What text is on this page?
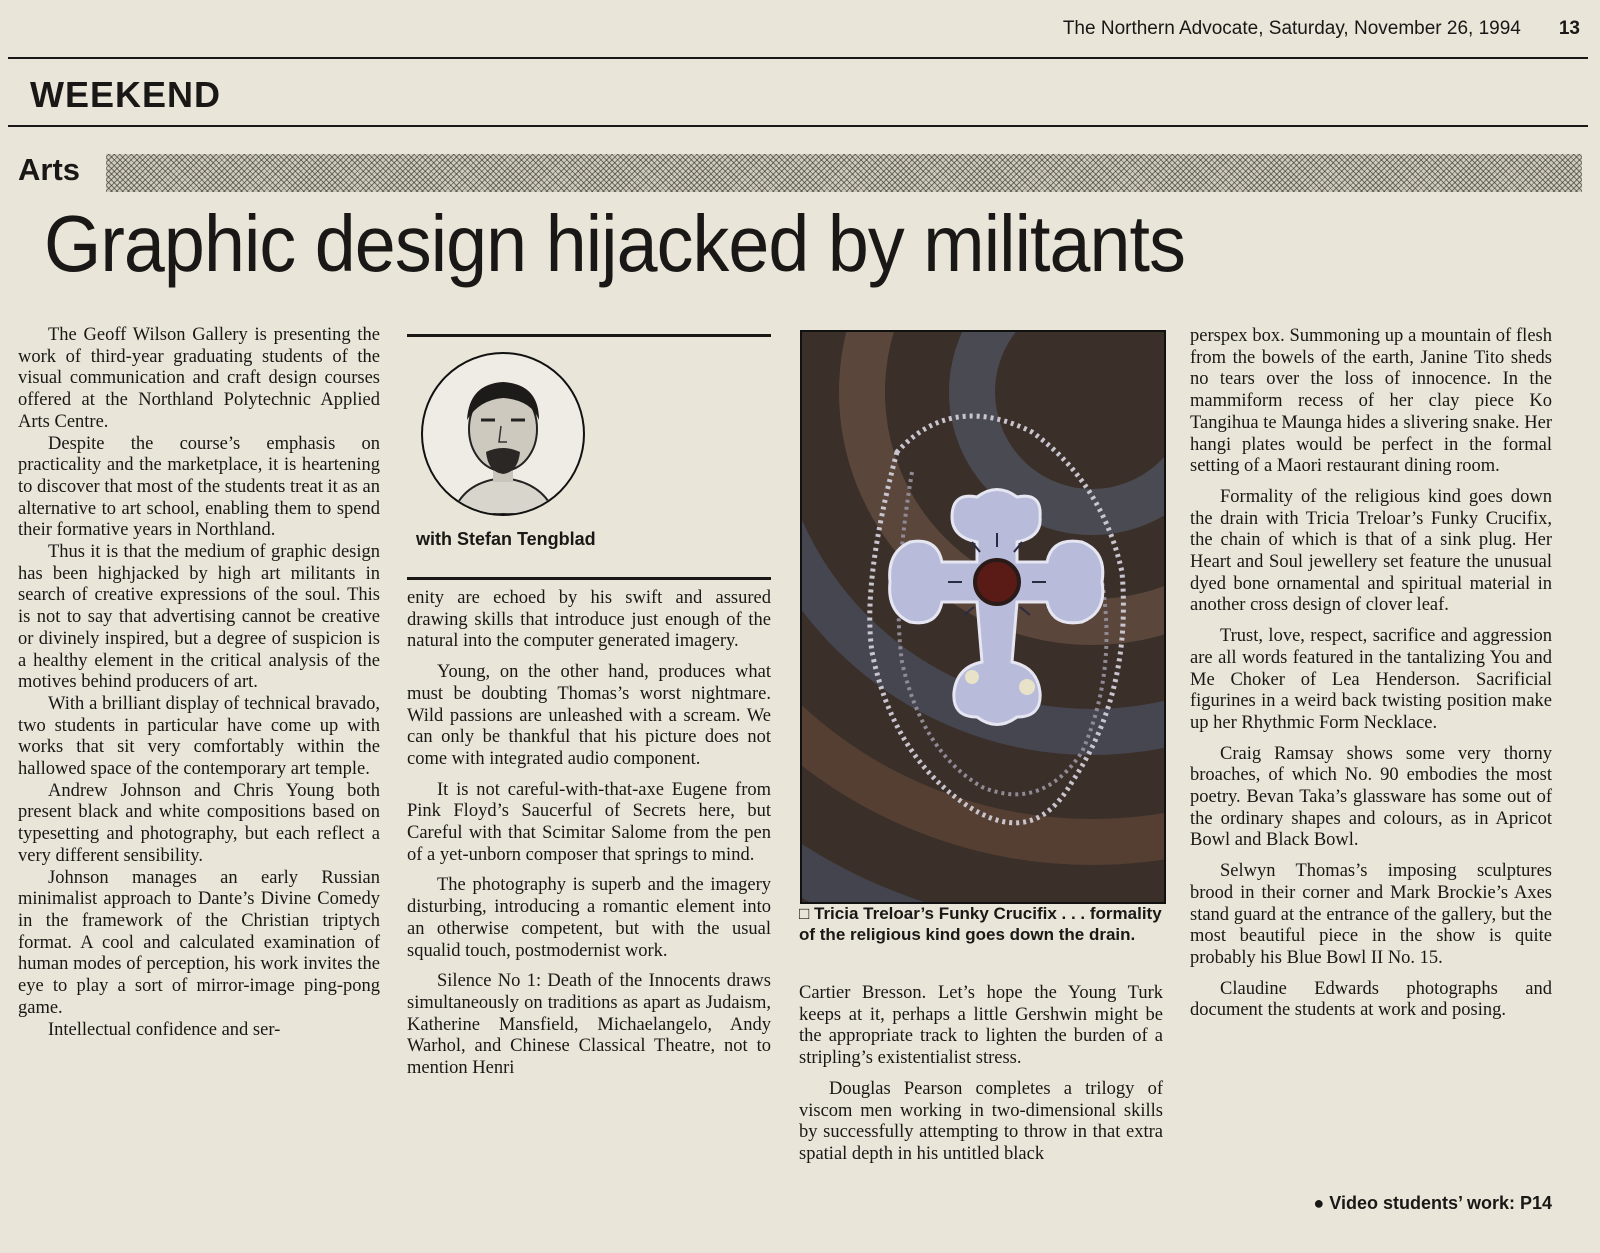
The Northern Advocate, Saturday, November 26, 1994 13
WEEKEND
Arts
Graphic design hijacked by militants

The Geoff Wilson Gallery is presenting the work of third-year graduating students of the visual communication and craft design courses offered at the Northland Polytechnic Applied Arts Centre.

Despite the course’s emphasis on practicality and the marketplace, it is heartening to discover that most of the students treat it as an alternative to art school, enabling them to spend their formative years in Northland.

Thus it is that the medium of graphic design has been highjacked by high art militants in search of creative expressions of the soul. This is not to say that advertising cannot be creative or divinely inspired, but a degree of suspicion is a healthy element in the critical analysis of the motives behind producers of art.

With a brilliant display of technical bravado, two students in particular have come up with works that sit very comfortably within the hallowed space of the contemporary art temple.

Andrew Johnson and Chris Young both present black and white compositions based on typesetting and photography, but each reflect a very different sensibility.

Johnson manages an early Russian minimalist approach to Dante’s Divine Comedy in the framework of the Christian triptych format. A cool and calculated examination of human modes of perception, his work invites the eye to play a sort of mirror-image ping-pong game.

Intellectual confidence and ser-

with Stefan Tengblad

enity are echoed by his swift and assured drawing skills that introduce just enough of the natural into the computer generated imagery.

Young, on the other hand, produces what must be doubting Thomas’s worst nightmare. Wild passions are unleashed with a scream. We can only be thankful that his picture does not come with integrated audio component.

It is not careful-with-that-axe Eugene from Pink Floyd’s Saucerful of Secrets here, but Careful with that Scimitar Salome from the pen of a yet-unborn composer that springs to mind.

The photography is superb and the imagery disturbing, introducing a romantic element into an otherwise competent, but with the usual squalid touch, postmodernist work.

Silence No 1: Death of the Innocents draws simultaneously on traditions as apart as Judaism, Katherine Mansfield, Michaelangelo, Andy Warhol, and Chinese Classical Theatre, not to mention Henri

□ Tricia Treloar’s Funky Crucifix . . . formality of the religious kind goes down the drain.

Cartier Bresson. Let’s hope the Young Turk keeps at it, perhaps a little Gershwin might be the appropriate track to lighten the burden of a stripling’s existentialist stress.

Douglas Pearson completes a trilogy of viscom men working in two-dimensional skills by successfully attempting to throw in that extra spatial depth in his untitled black

perspex box. Summoning up a mountain of flesh from the bowels of the earth, Janine Tito sheds no tears over the loss of innocence. In the mammiform recess of her clay piece Ko Tangihua te Maunga hides a slivering snake. Her hangi plates would be perfect in the formal setting of a Maori restaurant dining room.

Formality of the religious kind goes down the drain with Tricia Treloar’s Funky Crucifix, the chain of which is that of a sink plug. Her Heart and Soul jewellery set feature the unusual dyed bone ornamental and spiritual material in another cross design of clover leaf.

Trust, love, respect, sacrifice and aggression are all words featured in the tantalizing You and Me Choker of Lea Henderson. Sacrificial figurines in a weird back twisting position make up her Rhythmic Form Necklace.

Craig Ramsay shows some very thorny broaches, of which No. 90 embodies the most poetry. Bevan Taka’s glassware has some out of the ordinary shapes and colours, as in Apricot Bowl and Black Bowl.

Selwyn Thomas’s imposing sculptures brood in their corner and Mark Brockie’s Axes stand guard at the entrance of the gallery, but the most beautiful piece in the show is quite probably his Blue Bowl II No. 15.

Claudine Edwards photographs and document the students at work and posing.

● Video students’ work: P14
